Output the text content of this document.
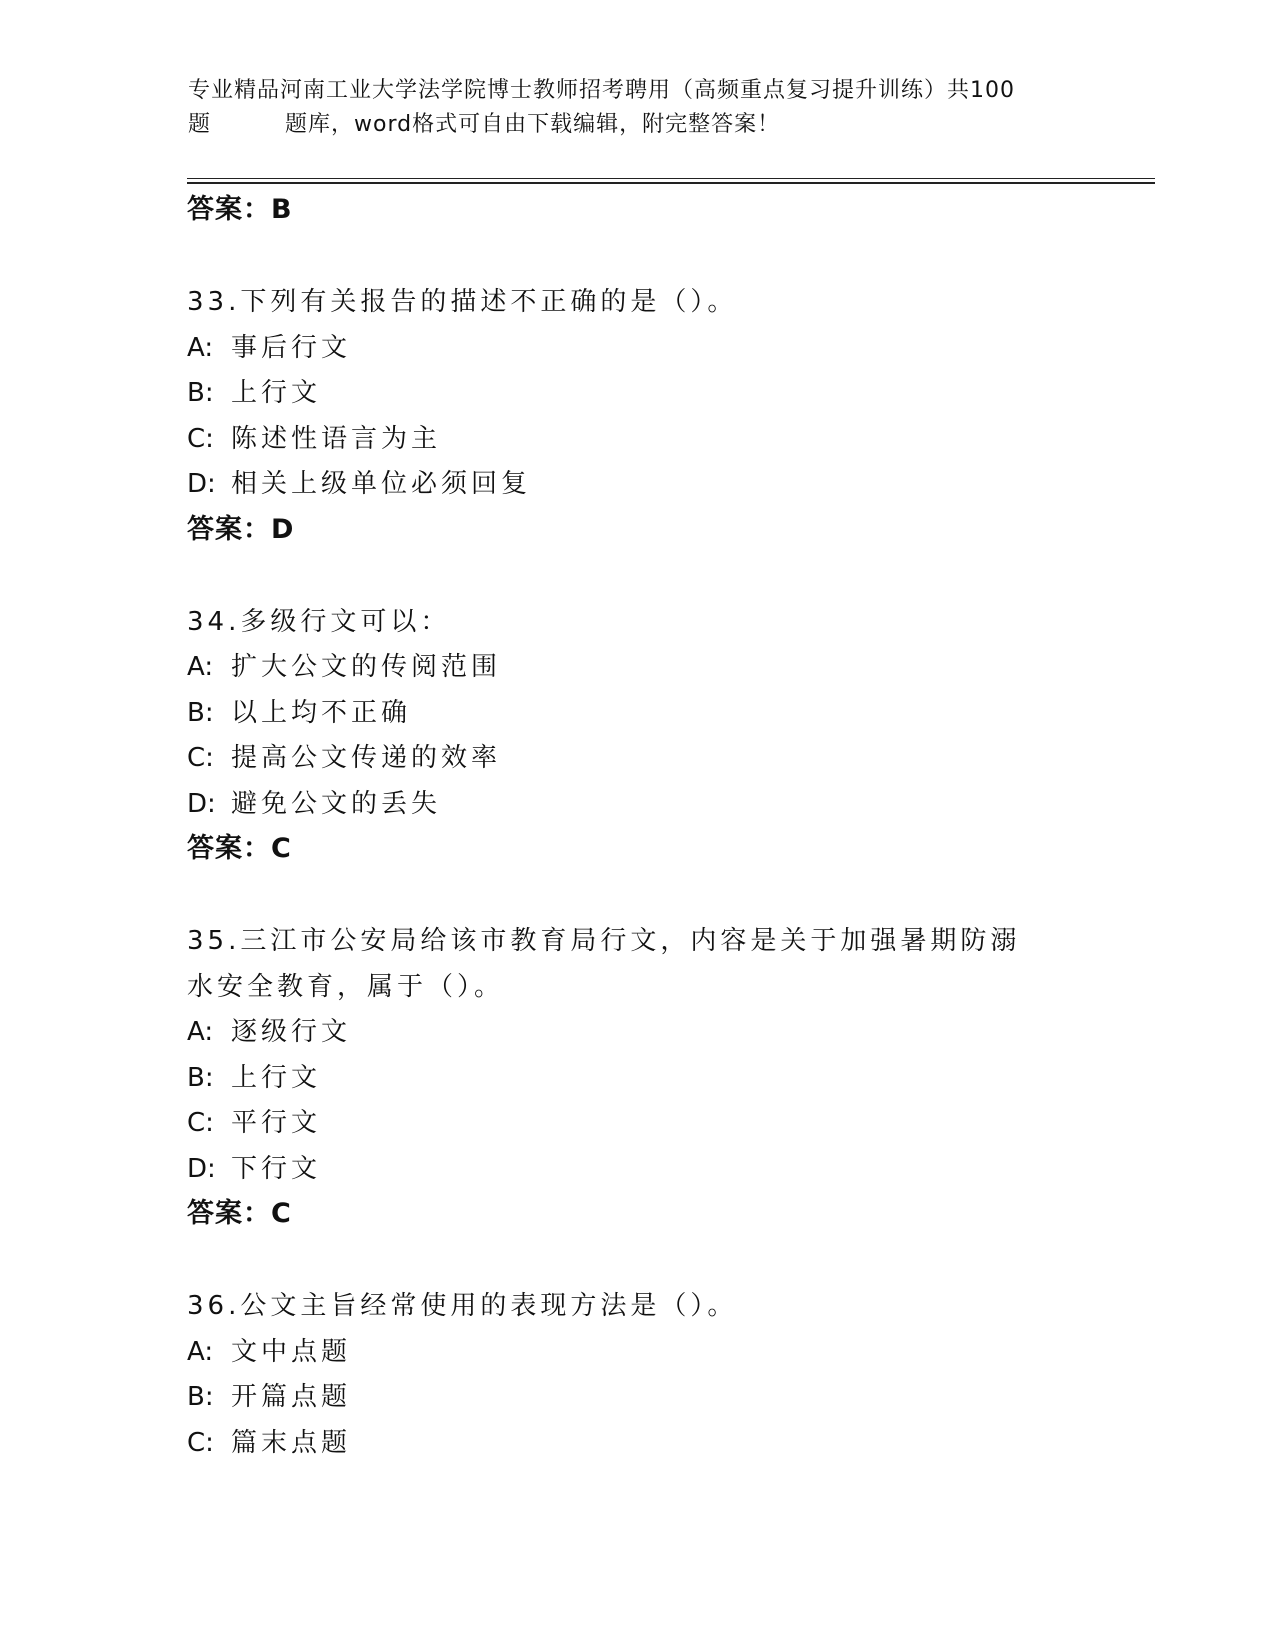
专业精品河南工业大学法学院博士教师招考聘用（高频重点复习提升训练）共100
题	题库，word格式可自由下载编辑，附完整答案！
答案：B
33.下列有关报告的描述不正确的是（）。
A: 事后行文
B: 上行文
C: 陈述性语言为主
D: 相关上级单位必须回复
答案：D
34.多级行文可以：
A: 扩大公文的传阅范围
B: 以上均不正确
C: 提高公文传递的效率
D: 避免公文的丢失
答案：C
35.三江市公安局给该市教育局行文，内容是关于加强暑期防溺水安全教育，属于（）。
A: 逐级行文
B: 上行文
C: 平行文
D: 下行文
答案：C
36.公文主旨经常使用的表现方法是（）。
A: 文中点题
B: 开篇点题
C: 篇末点题
